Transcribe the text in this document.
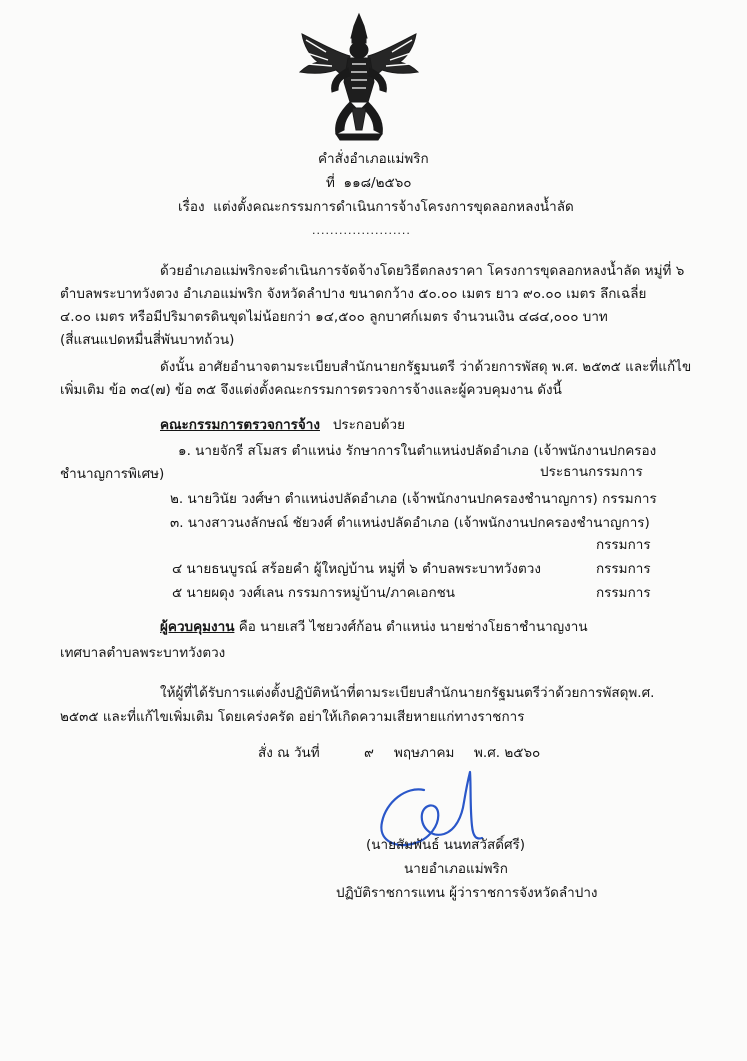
คำสั่งอำเภอแม่พริก
ที่ ๑๑๘/๒๕๖๐
เรื่อง แต่งตั้งคณะกรรมการดำเนินการจ้างโครงการขุดลอกหลงน้ำลัด
......................
ด้วยอำเภอแม่พริกจะดำเนินการจัดจ้างโดยวิธีตกลงราคา โครงการขุดลอกหลงน้ำลัด หมู่ที่ ๖
ตำบลพระบาทวังตวง อำเภอแม่พริก จังหวัดลำปาง ขนาดกว้าง ๕๐.๐๐ เมตร ยาว ๙๐.๐๐ เมตร ลึกเฉลี่ย
๔.๐๐ เมตร หรือมีปริมาตรดินขุดไม่น้อยกว่า ๑๔,๕๐๐ ลูกบาศก์เมตร จำนวนเงิน ๔๘๔,๐๐๐ บาท
(สี่แสนแปดหมื่นสี่พันบาทถ้วน)
ดังนั้น อาศัยอำนาจตามระเบียบสำนักนายกรัฐมนตรี ว่าด้วยการพัสดุ พ.ศ. ๒๕๓๕ และที่แก้ไข
เพิ่มเติม ข้อ ๓๔(๗) ข้อ ๓๕ จึงแต่งตั้งคณะกรรมการตรวจการจ้างและผู้ควบคุมงาน ดังนี้
คณะกรรมการตรวจการจ้าง ประกอบด้วย
๑. นายจักรี สโมสร ตำแหน่ง รักษาการในตำแหน่งปลัดอำเภอ (เจ้าพนักงานปกครอง
ชำนาญการพิเศษ)	ประธานกรรมการ
๒. นายวินัย วงศ์ษา ตำแหน่งปลัดอำเภอ (เจ้าพนักงานปกครองชำนาญการ) กรรมการ
๓. นางสาวนงลักษณ์ ชัยวงศ์ ตำแหน่งปลัดอำเภอ (เจ้าพนักงานปกครองชำนาญการ)
กรรมการ
๔ นายธนบูรณ์ สร้อยคำ ผู้ใหญ่บ้าน หมู่ที่ ๖ ตำบลพระบาทวังตวง	กรรมการ
๕ นายผดุง วงศ์เลน กรรมการหมู่บ้าน/ภาคเอกชน	กรรมการ
ผู้ควบคุมงาน คือ นายเสวี ไชยวงศ์ก้อน ตำแหน่ง นายช่างโยธาชำนาญงาน
เทศบาลตำบลพระบาทวังตวง
ให้ผู้ที่ได้รับการแต่งตั้งปฏิบัติหน้าที่ตามระเบียบสำนักนายกรัฐมนตรีว่าด้วยการพัสดุพ.ศ.
๒๕๓๕ และที่แก้ไขเพิ่มเติม โดยเคร่งครัด อย่าให้เกิดความเสียหายแก่ทางราชการ
สั่ง ณ วันที่	๙ พฤษภาคม พ.ศ. ๒๕๖๐
(นายสัมพันธ์ นนทสวัสดิ์ศรี)
นายอำเภอแม่พริก
ปฏิบัติราชการแทน ผู้ว่าราชการจังหวัดลำปาง
